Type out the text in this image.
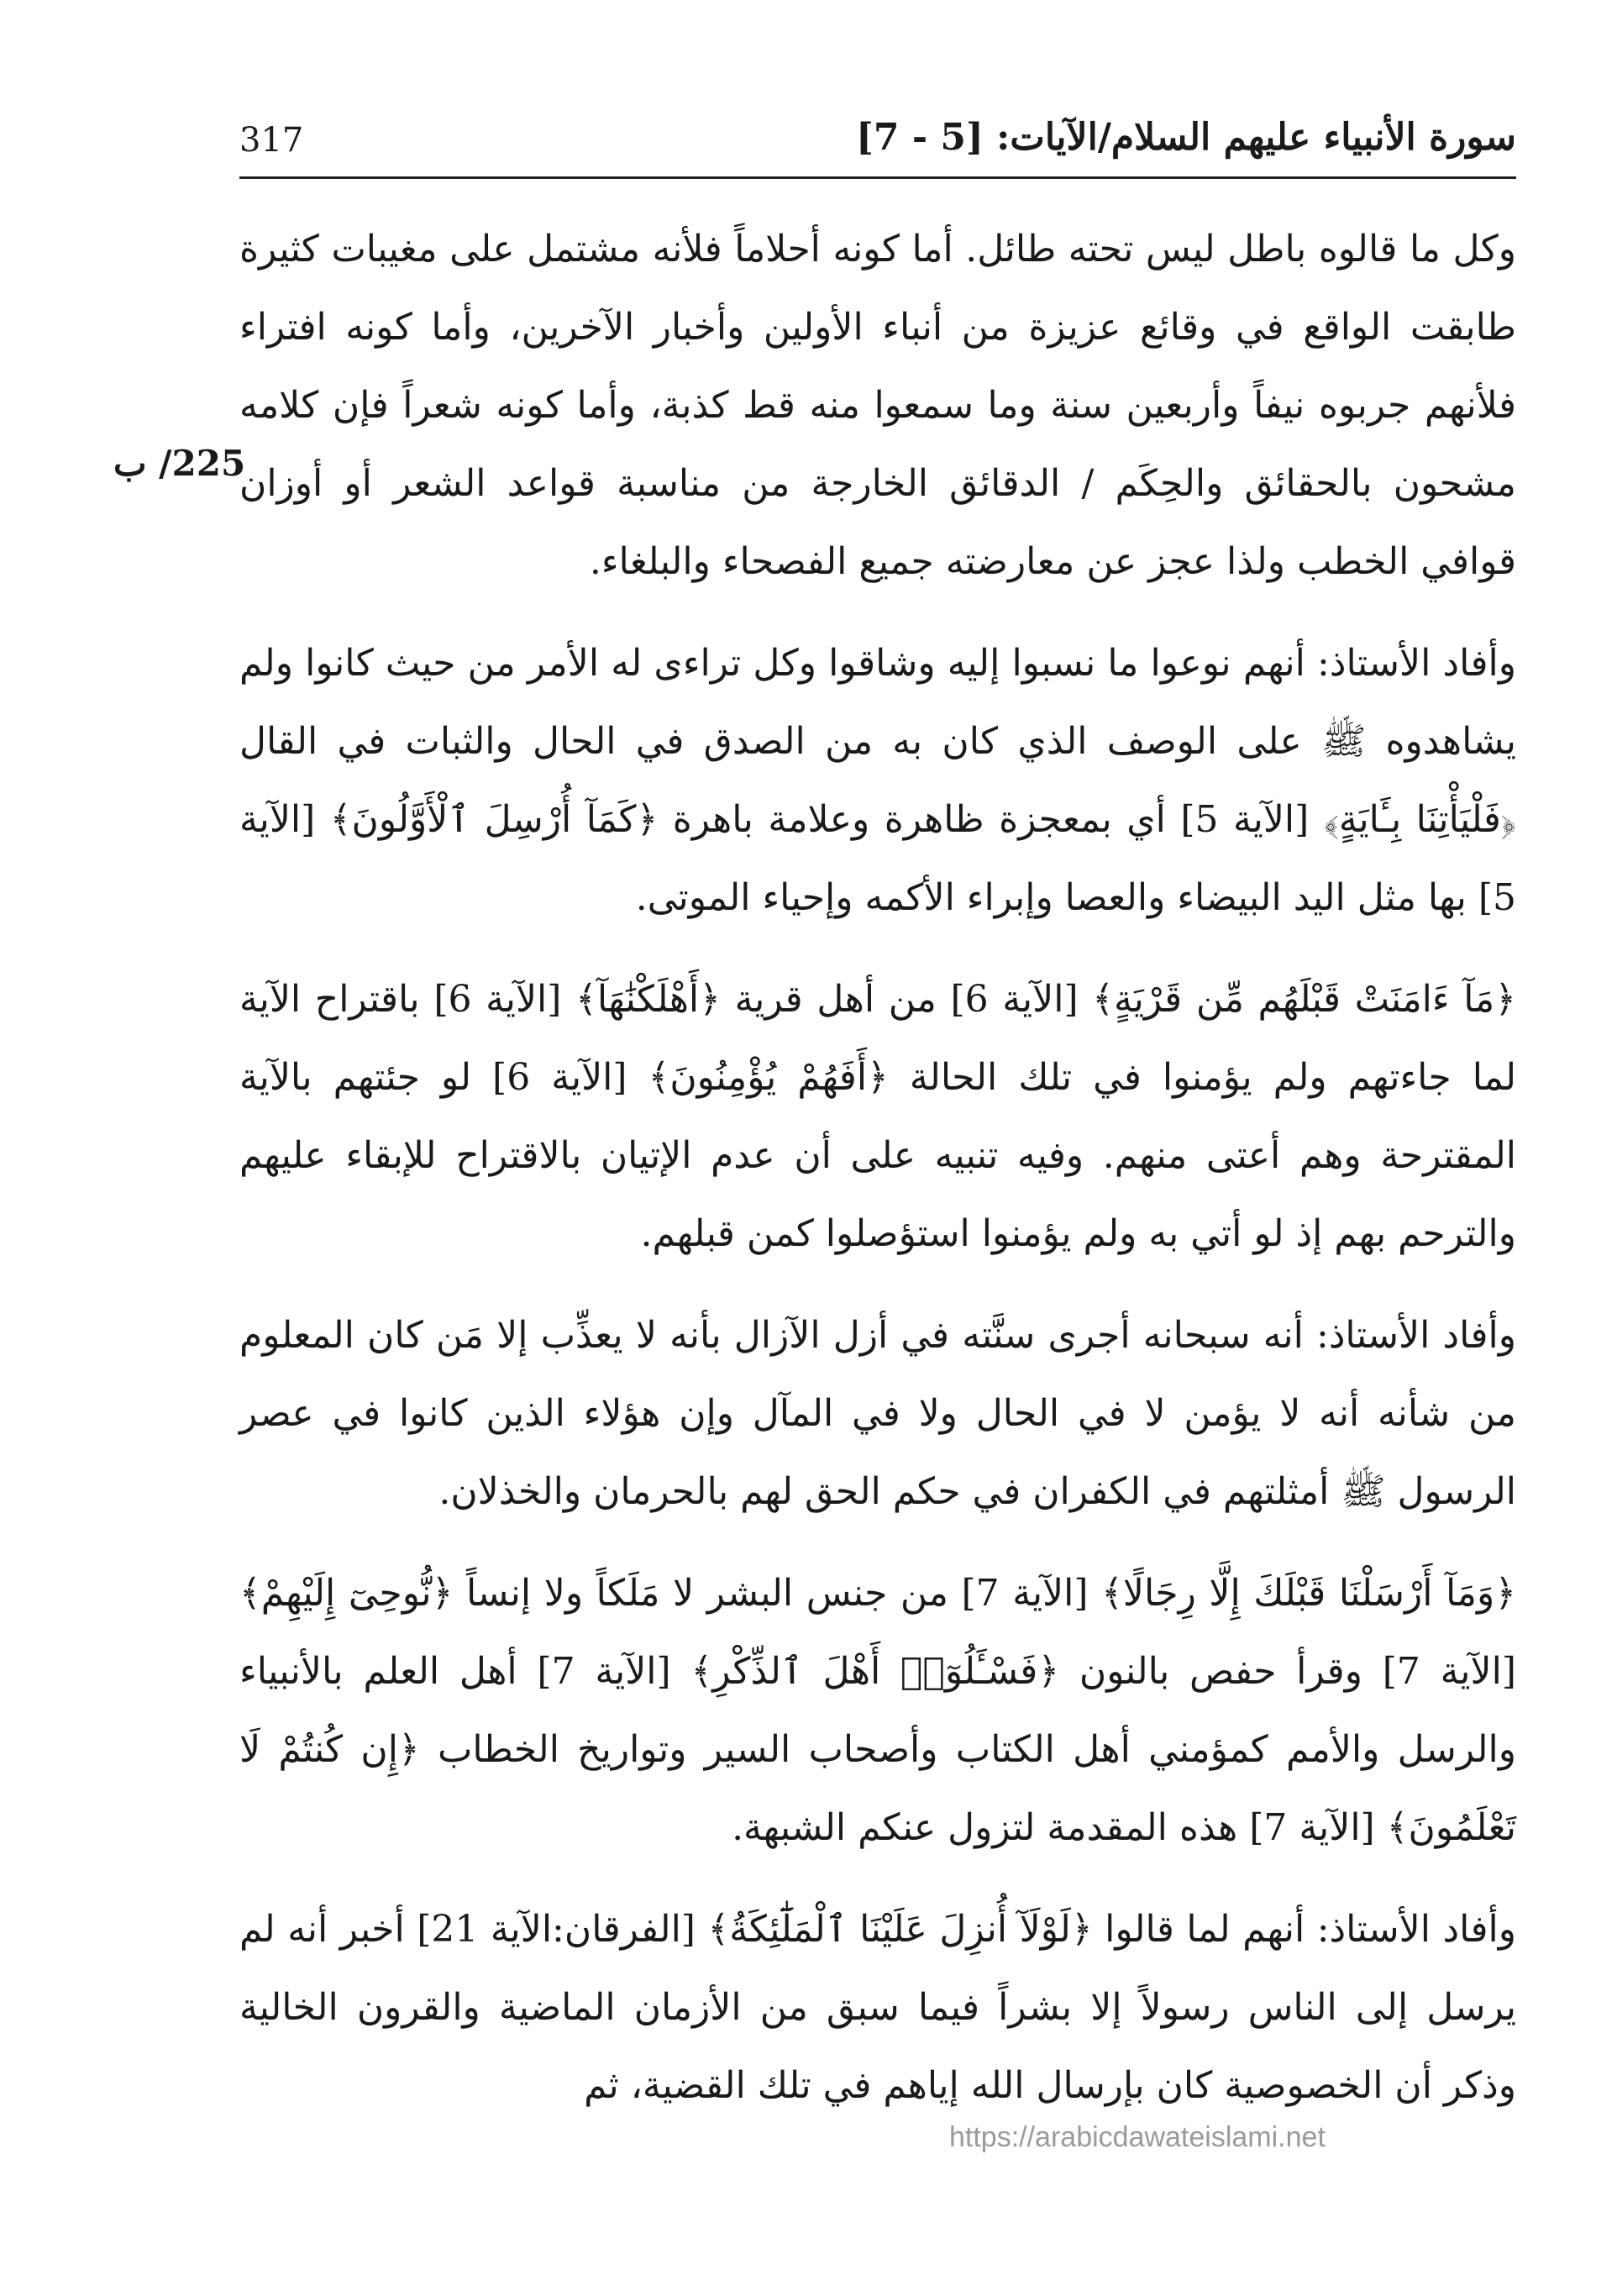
317	سورة الأنبياء عليهم السلام/الآيات: [5 - 7]
225/ ب

وكل ما قالوه باطل ليس تحته طائل. أما كونه أحلاماً فلأنه مشتمل على مغيبات كثيرة طابقت الواقع في وقائع عزيزة من أنباء الأولين وأخبار الآخرين، وأما كونه افتراء فلأنهم جربوه نيفاً وأربعين سنة وما سمعوا منه قط كذبة، وأما كونه شعراً فإن كلامه مشحون بالحقائق والحِكَم / الدقائق الخارجة من مناسبة قواعد الشعر أو أوزان قوافي الخطب ولذا عجز عن معارضته جميع الفصحاء والبلغاء.

وأفاد الأستاذ: أنهم نوعوا ما نسبوا إليه وشاقوا وكل تراءى له الأمر من حيث كانوا ولم يشاهدوه ﷺ على الوصف الذي كان به من الصدق في الحال والثبات في القال ﴿فَلْيَأْتِنَا بِـَٔايَةٍ﴾ [الآية 5] أي بمعجزة ظاهرة وعلامة باهرة ﴿كَمَآ أُرْسِلَ ٱلْأَوَّلُونَ﴾ [الآية 5] بها مثل اليد البيضاء والعصا وإبراء الأكمه وإحياء الموتى.

﴿مَآ ءَامَنَتْ قَبْلَهُم مِّن قَرْيَةٍ﴾ [الآية 6] من أهل قرية ﴿أَهْلَكْنَٰهَآ﴾ [الآية 6] باقتراح الآية لما جاءتهم ولم يؤمنوا في تلك الحالة ﴿أَفَهُمْ يُؤْمِنُونَ﴾ [الآية 6] لو جئتهم بالآية المقترحة وهم أعتى منهم. وفيه تنبيه على أن عدم الإتيان بالاقتراح للإبقاء عليهم والترحم بهم إذ لو أتي به ولم يؤمنوا استؤصلوا كمن قبلهم.

وأفاد الأستاذ: أنه سبحانه أجرى سنَّته في أزل الآزال بأنه لا يعذِّب إلا مَن كان المعلوم من شأنه أنه لا يؤمن لا في الحال ولا في المآل وإن هؤلاء الذين كانوا في عصر الرسول ﷺ أمثلتهم في الكفران في حكم الحق لهم بالحرمان والخذلان.

﴿وَمَآ أَرْسَلْنَا قَبْلَكَ إِلَّا رِجَالًا﴾ [الآية 7] من جنس البشر لا مَلَكاً ولا إنساً ﴿نُّوحِىٓ إِلَيْهِمْ﴾ [الآية 7] وقرأ حفص بالنون ﴿فَسْـَٔلُوٓا۟ أَهْلَ ٱلذِّكْرِ﴾ [الآية 7] أهل العلم بالأنبياء والرسل والأمم كمؤمني أهل الكتاب وأصحاب السير وتواريخ الخطاب ﴿إِن كُنتُمْ لَا تَعْلَمُونَ﴾ [الآية 7] هذه المقدمة لتزول عنكم الشبهة.

وأفاد الأستاذ: أنهم لما قالوا ﴿لَوْلَآ أُنزِلَ عَلَيْنَا ٱلْمَلَٰٓئِكَةُ﴾ [الفرقان:الآية 21] أخبر أنه لم يرسل إلى الناس رسولاً إلا بشراً فيما سبق من الأزمان الماضية والقرون الخالية وذكر أن الخصوصية كان بإرسال الله إياهم في تلك القضية، ثم

https://arabicdawateislami.net
